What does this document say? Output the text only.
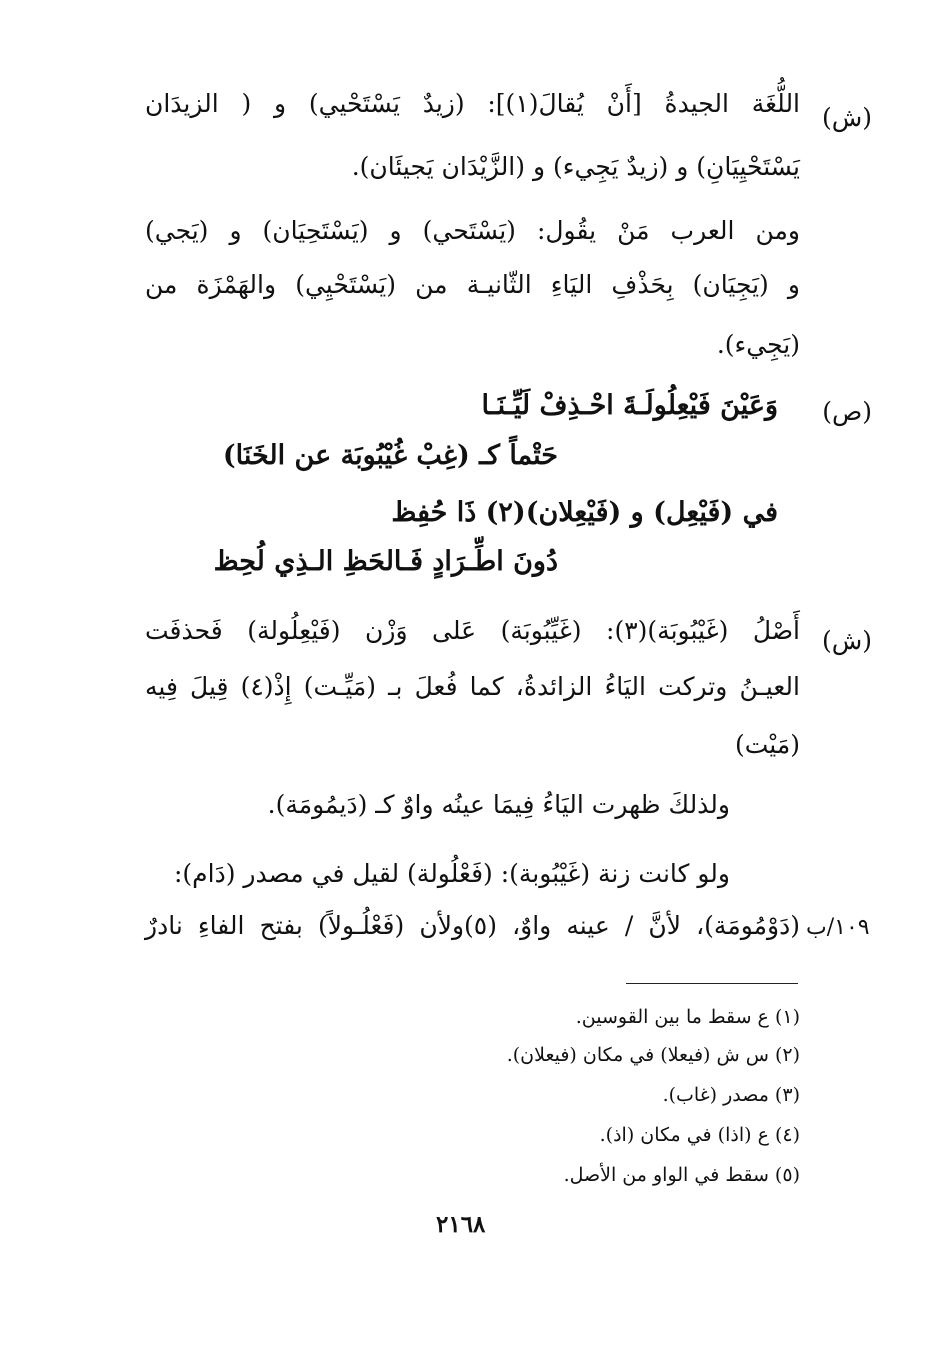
(ش)
اللُّغَة الجيدةُ [أَنْ يُقالَ(١)]: (زيدٌ يَسْتَحْيي) و ( الزيدَان
يَسْتَحْيِيَانِ) و (زيدٌ يَجِيء) و (الزَّيْدَان يَجيئَان).
ومن العرب مَنْ يقُول: (يَسْتَحي) و (يَسْتَحِيَان) و (يَجي)
و (يَجِيَان) بِحَذْفِ اليَاءِ الثّانيـة من (يَسْتَحْيِي) والهَمْزَة من
(يَجِيء).
(ص)
وَعَيْنَ فَيْعِلُولَـةَ احْـذِفْ لَيِّـنَـا
حَتْماً كـ (غِبْ غُيْبُوبَة عن الخَنَا)
في (فَيْعِل) و (فَيْعِلان)(٢) ذَا حُفِظ
دُونَ اطِّـرَادٍ فَـالحَظِ الـذِي لُحِظ
(ش)
أَصْلُ (غَيْبُوبَة)(٣): (غَيِّبُوبَة) عَلى وَزْن (فَيْعِلُولة) فَحذفَت
العيـنُ وتركت اليَاءُ الزائدةُ، كما فُعلَ بـ (مَيِّـت) إِذْ(٤) قِيلَ فِيه
(مَيْت)
ولذلكَ ظهرت اليَاءُ فِيمَا عينُه واوٌ كـ (دَيمُومَة).
ولو كانت زنة (غَيْبُوبة): (فَعْلُولة) لقيل في مصدر (دَام):
(دَوْمُومَة)، لأنَّ / عينه واوٌ، (٥)ولأن (فَعْلُـولاً) بفتح الفاءِ نادرٌ ١٠٩/ب
(١) ع سقط ما بين القوسين.
(٢) س ش (فيعلا) في مكان (فيعلان).
(٣) مصدر (غاب).
(٤) ع (اذا) في مكان (اذ).
(٥) سقط في الواو من الأصل.
٢١٦٨
